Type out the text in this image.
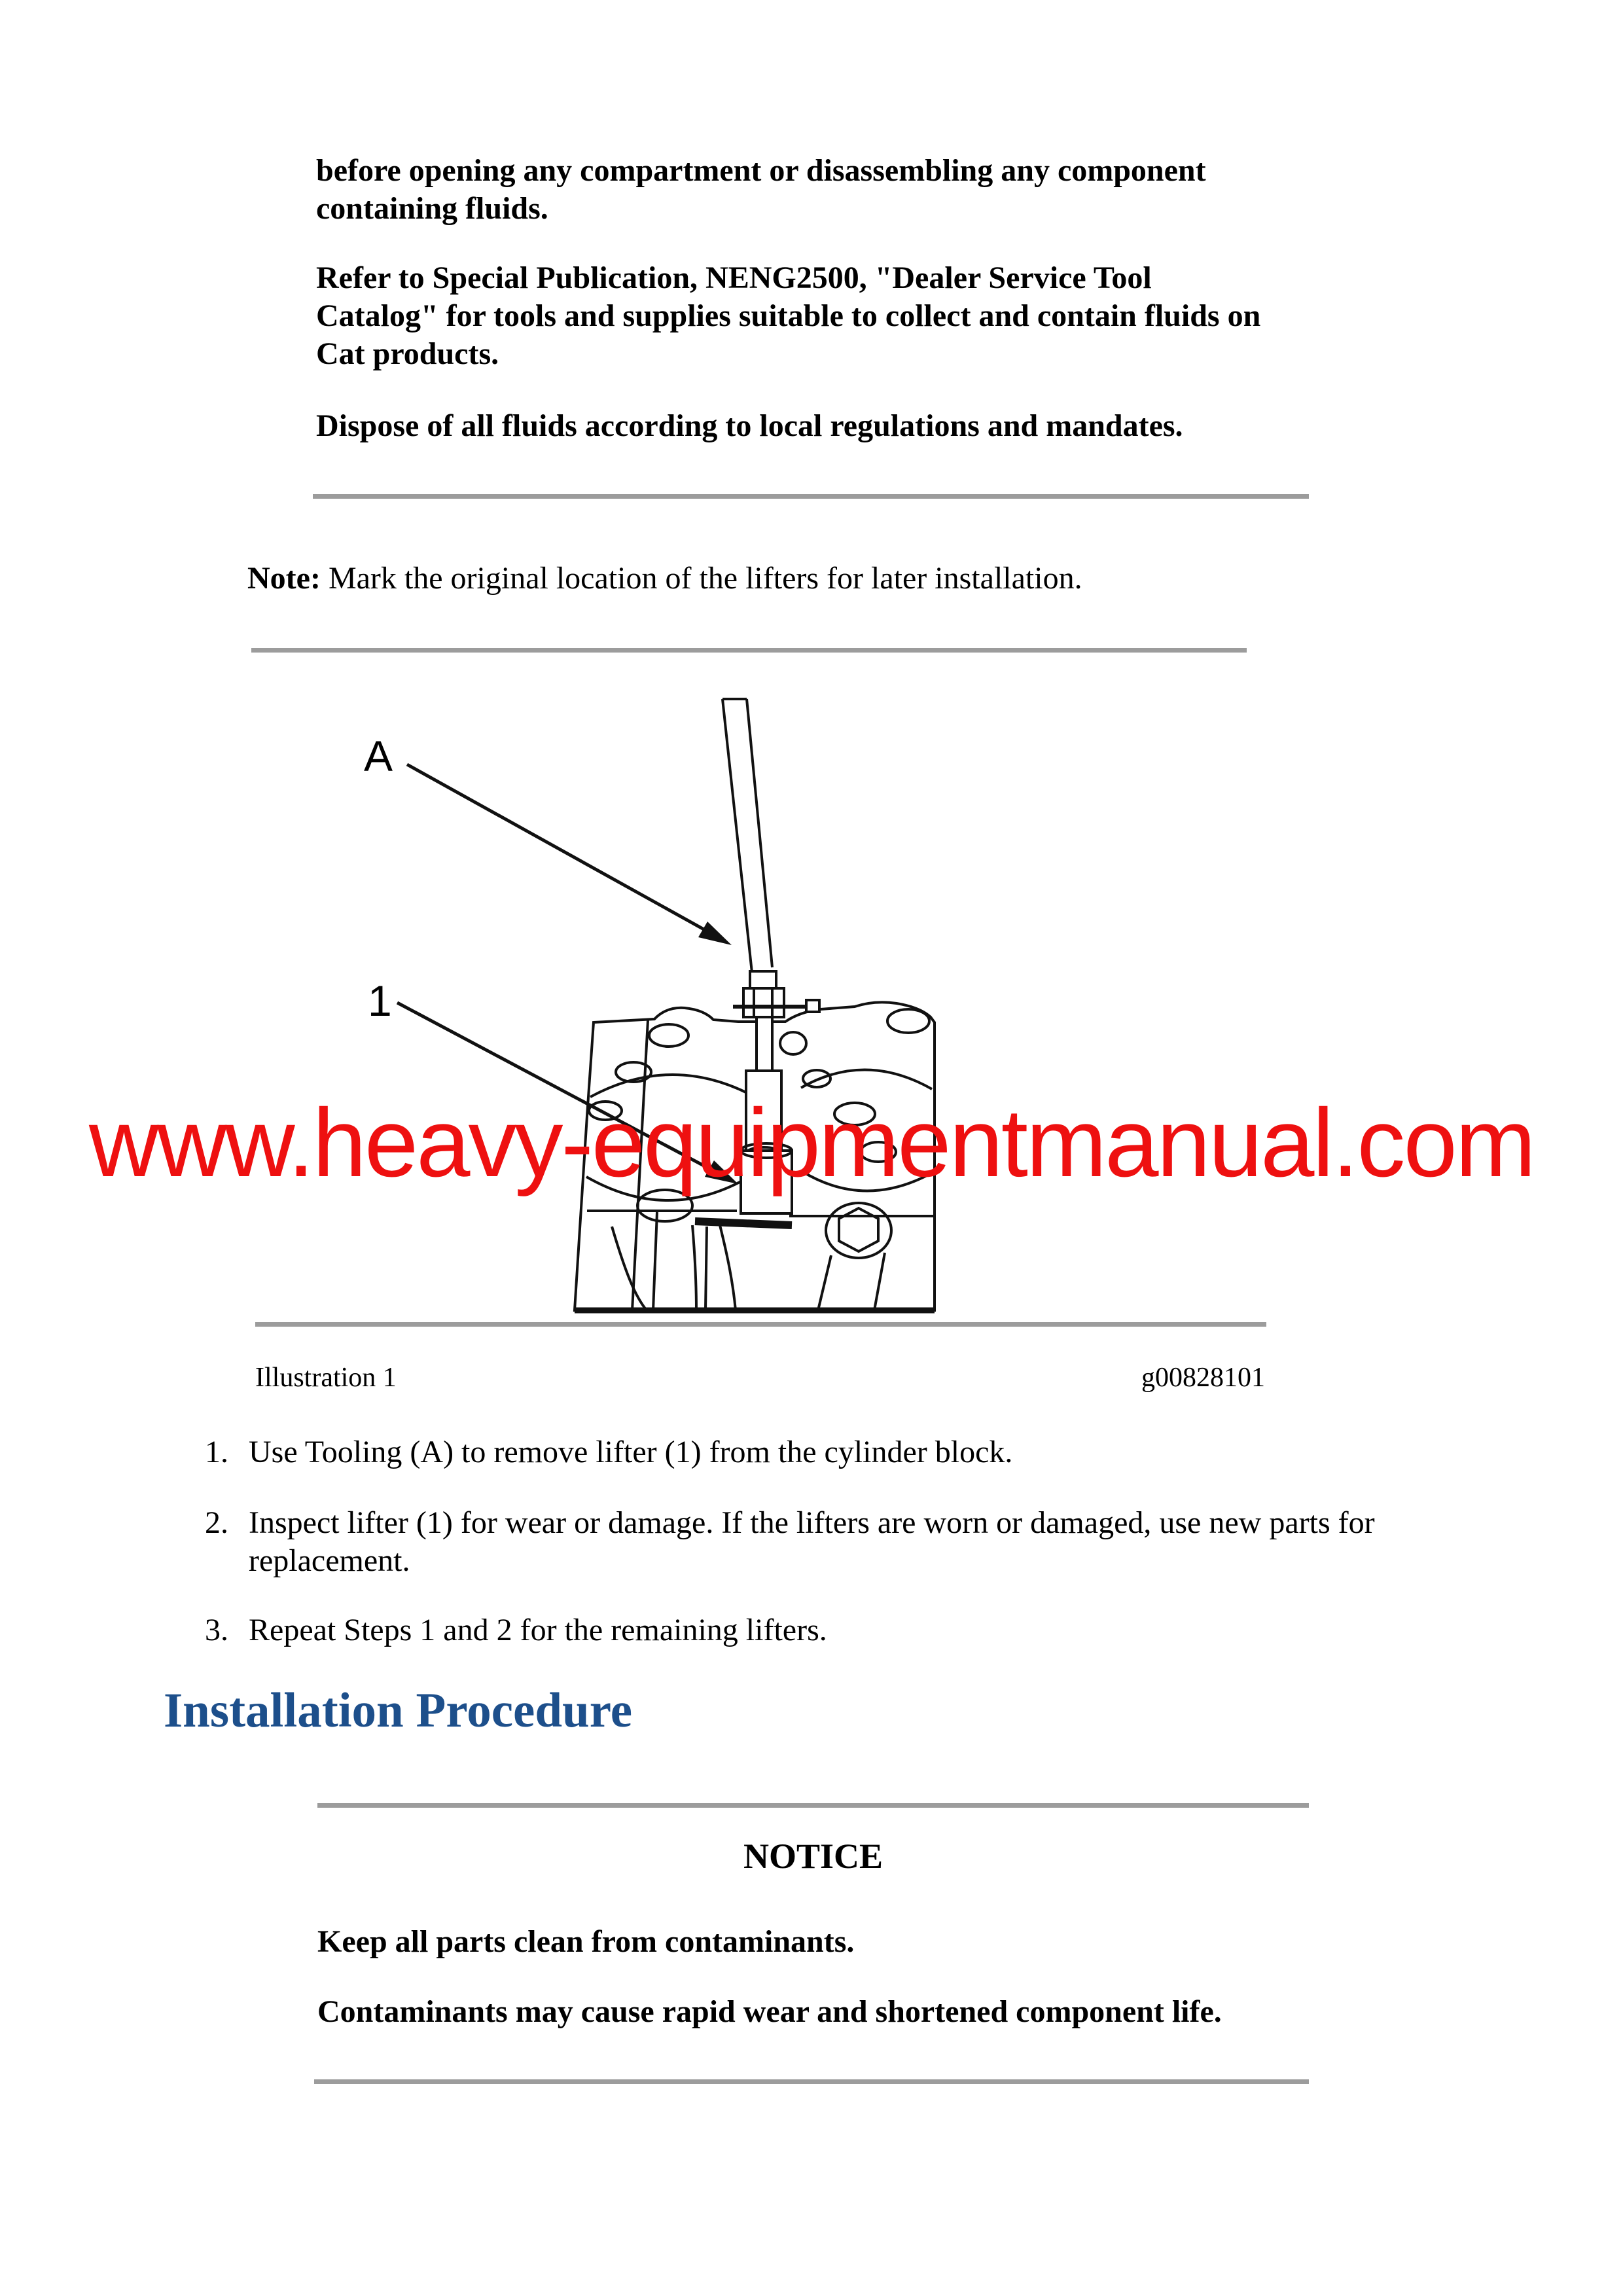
before opening any compartment or disassembling any component
containing fluids.
Refer to Special Publication, NENG2500, "Dealer Service Tool
Catalog" for tools and supplies suitable to collect and contain fluids on
Cat products.
Dispose of all fluids according to local regulations and mandates.
Note: Mark the original location of the lifters for later installation.
A
1
www.heavy-equipmentmanual.com
Illustration 1	g00828101
1. Use Tooling (A) to remove lifter (1) from the cylinder block.
2. Inspect lifter (1) for wear or damage. If the lifters are worn or damaged, use new parts for replacement.
3. Repeat Steps 1 and 2 for the remaining lifters.
Installation Procedure
NOTICE
Keep all parts clean from contaminants.
Contaminants may cause rapid wear and shortened component life.
